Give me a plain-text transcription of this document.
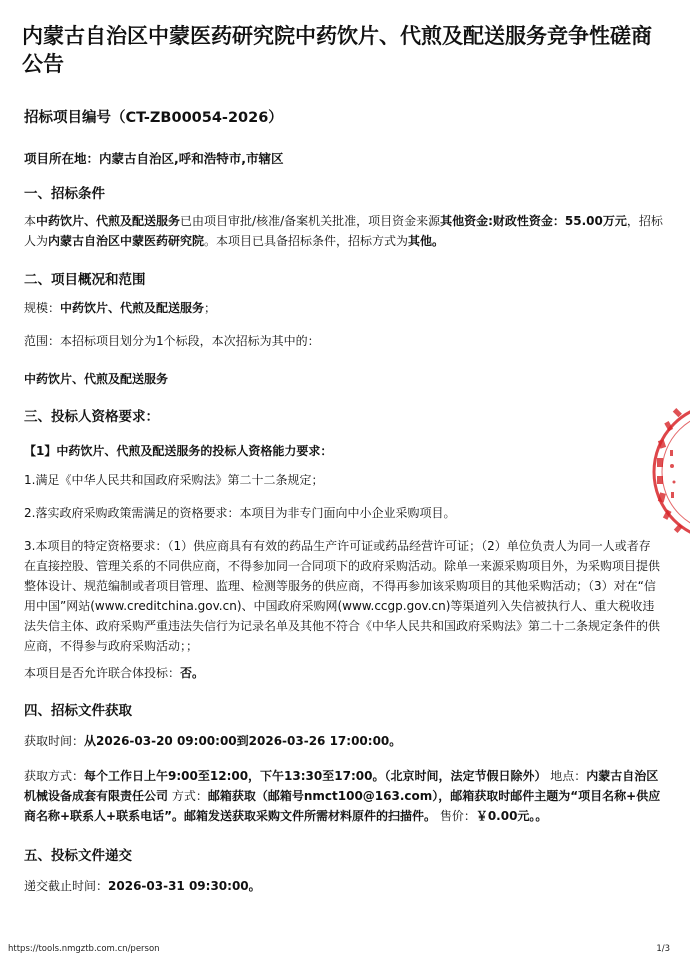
内蒙古自治区中蒙医药研究院中药饮片、代煎及配送服务竞争性磋商公告
招标项目编号（CT-ZB00054-2026）
项目所在地：内蒙古自治区,呼和浩特市,市辖区
一、招标条件
本中药饮片、代煎及配送服务已由项目审批/核准/备案机关批准，项目资金来源其他资金:财政性资金：55.00万元，招标人为内蒙古自治区中蒙医药研究院。本项目已具备招标条件，招标方式为其他。
二、项目概况和范围
规模：中药饮片、代煎及配送服务；
范围：本招标项目划分为1个标段，本次招标为其中的：
中药饮片、代煎及配送服务
三、投标人资格要求：
【1】中药饮片、代煎及配送服务的投标人资格能力要求：
1.满足《中华人民共和国政府采购法》第二十二条规定；
2.落实政府采购政策需满足的资格要求：本项目为非专门面向中小企业采购项目。
3.本项目的特定资格要求：（1）供应商具有有效的药品生产许可证或药品经营许可证；（2）单位负责人为同一人或者存在直接控股、管理关系的不同供应商，不得参加同一合同项下的政府采购活动。除单一来源采购项目外，为采购项目提供整体设计、规范编制或者项目管理、监理、检测等服务的供应商，不得再参加该采购项目的其他采购活动；（3）对在“信用中国”网站(www.creditchina.gov.cn)、中国政府采购网(www.ccgp.gov.cn)等渠道列入失信被执行人、重大税收违法失信主体、政府采购严重违法失信行为记录名单及其他不符合《中华人民共和国政府采购法》第二十二条规定条件的供应商，不得参与政府采购活动；；
本项目是否允许联合体投标：否。
四、招标文件获取
获取时间：从2026-03-20 09:00:00到2026-03-26 17:00:00。
获取方式：每个工作日上午9:00至12:00，下午13:30至17:00。（北京时间，法定节假日除外） 地点：内蒙古自治区机械设备成套有限责任公司 方式：邮箱获取（邮箱号nmct100@163.com），邮箱获取时邮件主题为“项目名称+供应商名称+联系人+联系电话”。邮箱发送获取采购文件所需材料原件的扫描件。 售价：￥0.00元。。
五、投标文件递交
递交截止时间：2026-03-31 09:30:00。
https://tools.nmgztb.com.cn/person	1/3
